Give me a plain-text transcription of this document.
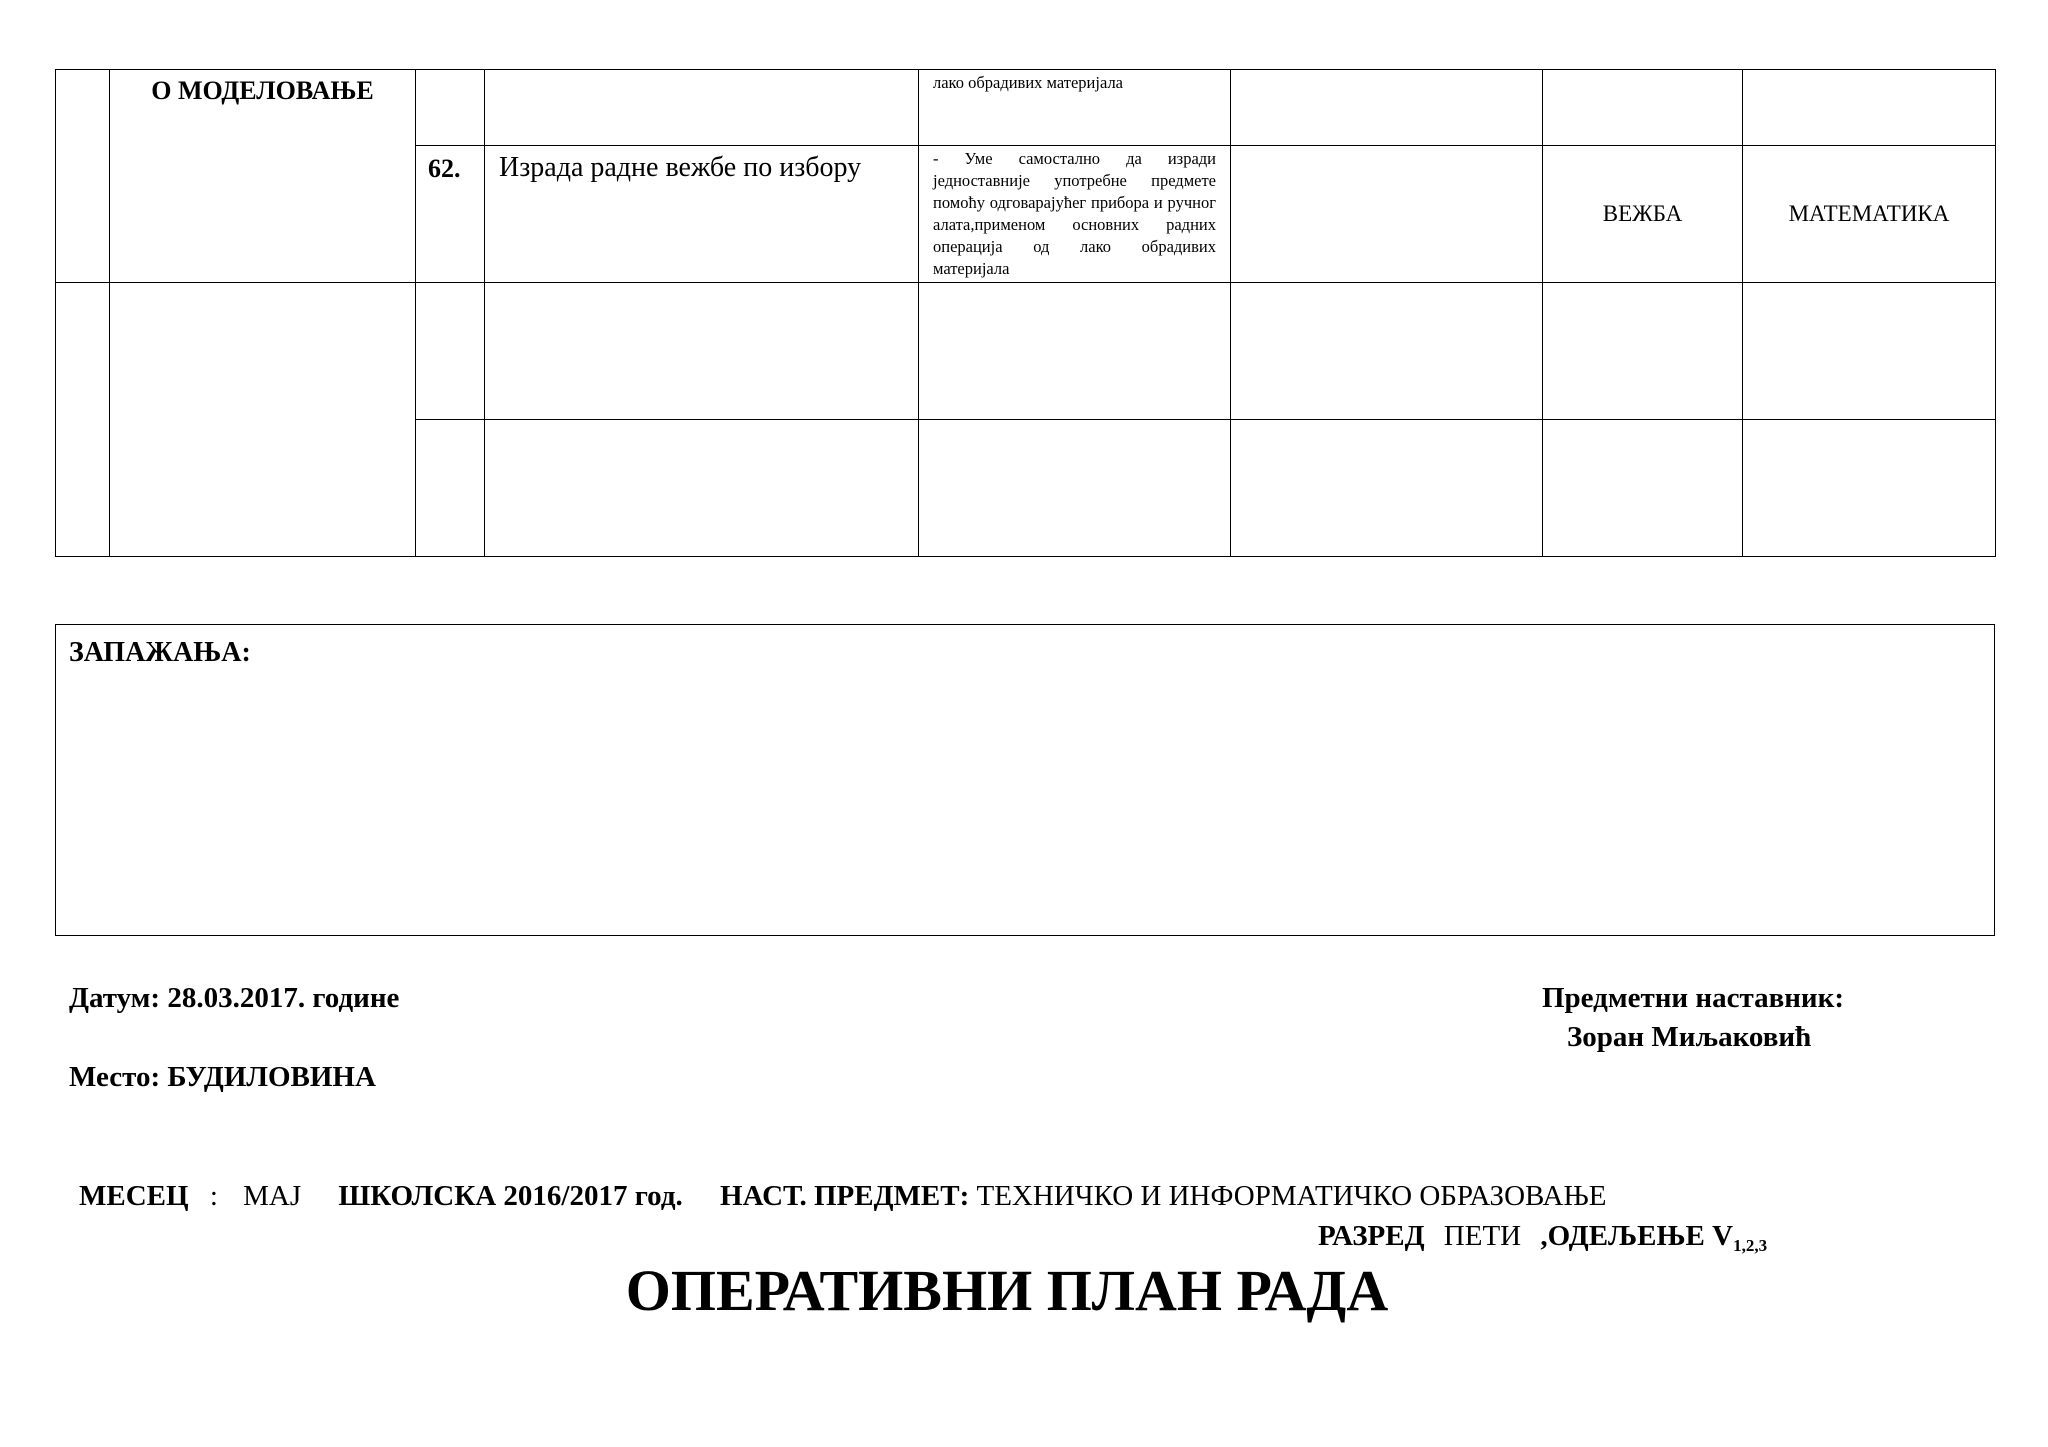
	О МОДЕЛОВАЊЕ			лако обрадивих материјала			
		62.	Израда радне вежбе по избору	- Уме самостално да изради једноставније употребне предмете помоћу одговарајућег прибора и ручног алата,применом основних радних операција од лако обрадивих материјала		ВЕЖБА	МАТЕМАТИКА

ЗАПАЖАЊА:
Датум: 28.03.2017. године
Место: БУДИЛОВИНА
Предметни наставник:
Зоран Миљаковић
МЕСЕЦ : МАЈ ШКОЛСКА 2016/2017 год. НАСТ. ПРЕДМЕТ: ТЕХНИЧКО И ИНФОРМАТИЧКО ОБРАЗОВАЊЕ
РАЗРЕД ПЕТИ ,ОДЕЉЕЊЕ $V_{1,2,3}$
ОПЕРАТИВНИ ПЛАН РАДА
